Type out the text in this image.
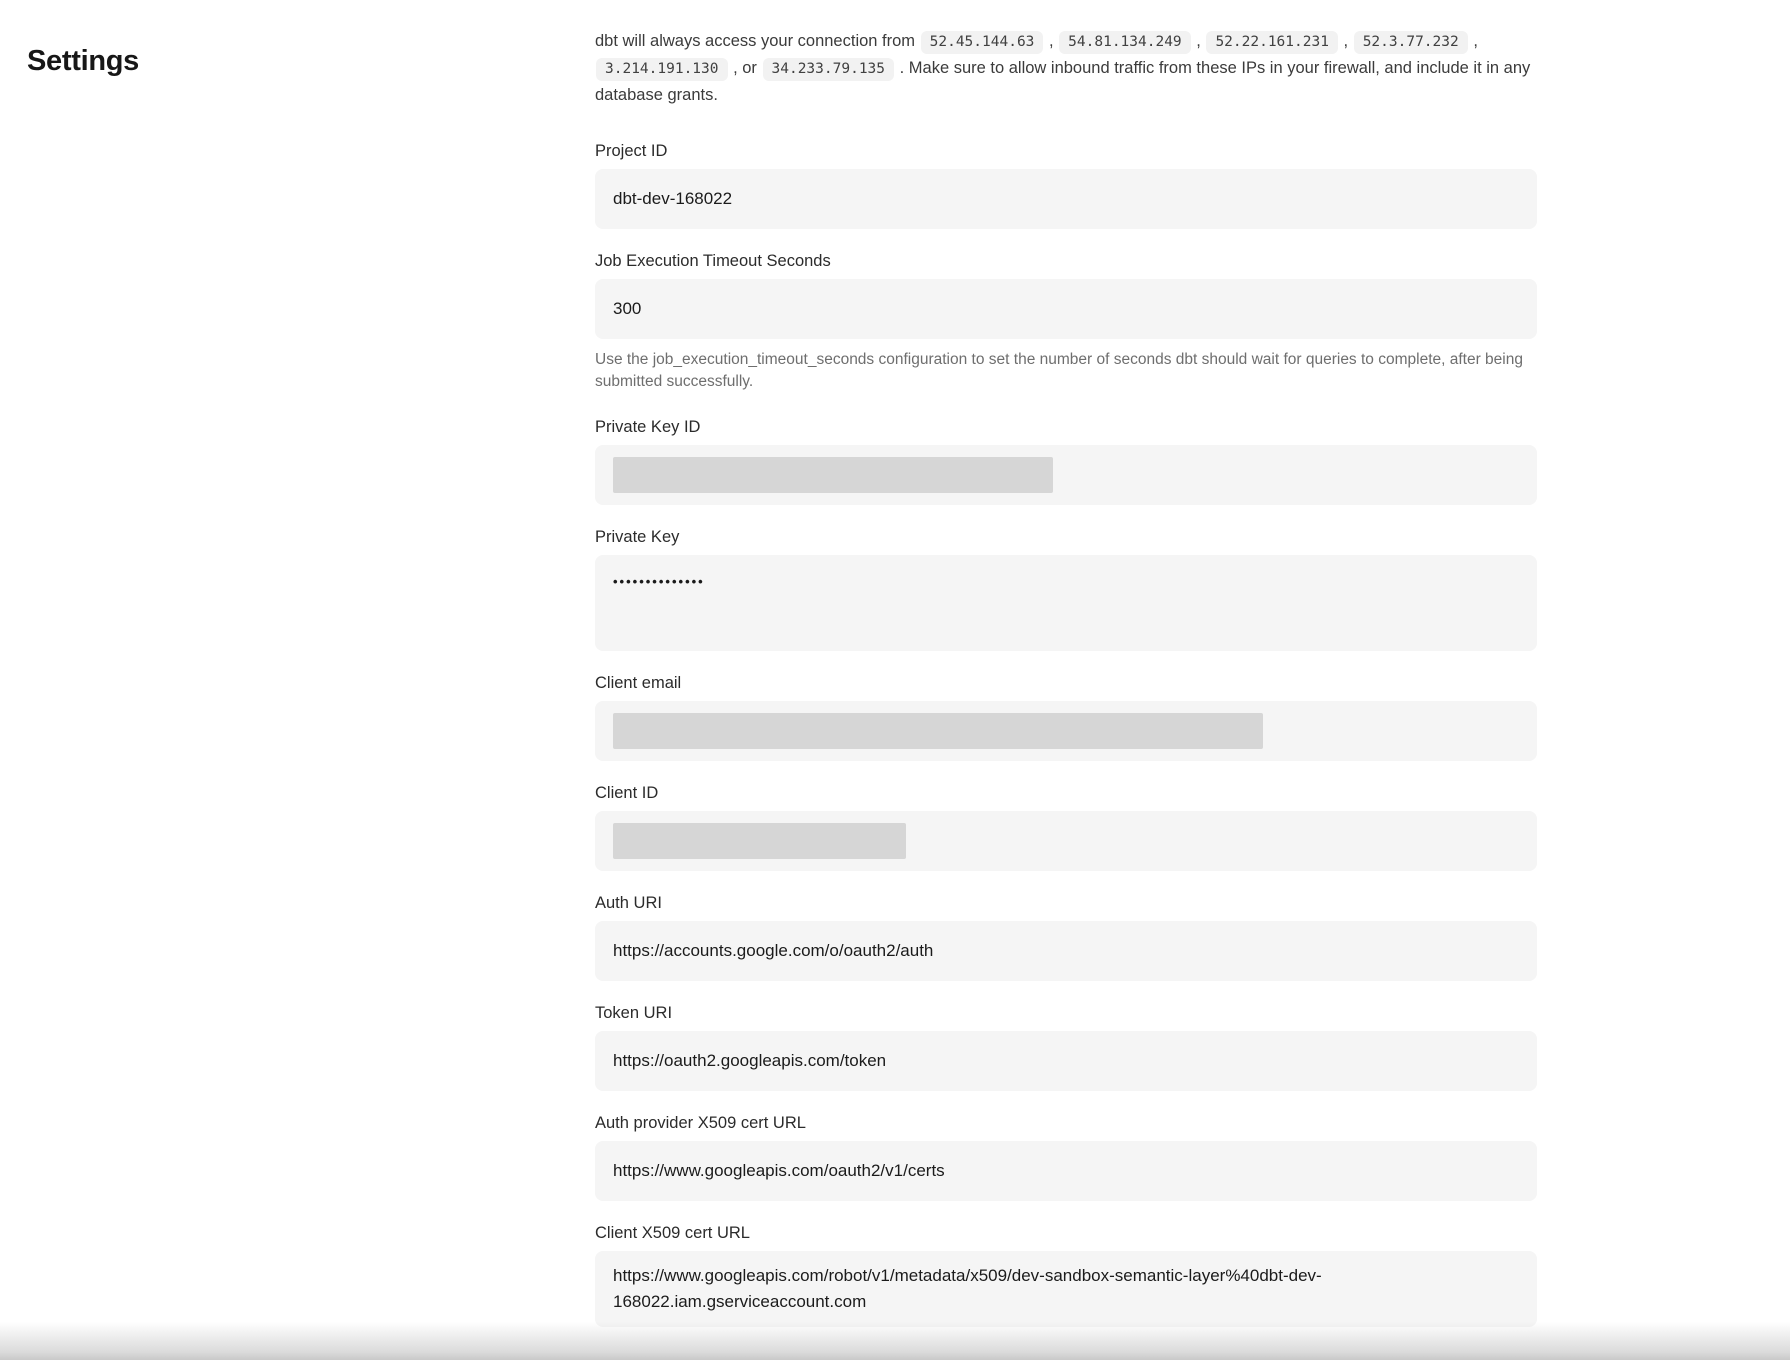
Settings

dbt will always access your connection from 52.45.144.63 , 54.81.134.249 , 52.22.161.231 , 52.3.77.232 , 3.214.191.130 , or 34.233.79.135 . Make sure to allow inbound traffic from these IPs in your firewall, and include it in any database grants.

Project ID
dbt-dev-168022
Job Execution Timeout Seconds
300
Use the job_execution_timeout_seconds configuration to set the number of seconds dbt should wait for queries to complete, after being submitted successfully.
Private Key ID
Private Key
••••••••••••••
Client email
Client ID
Auth URI
https://accounts.google.com/o/oauth2/auth
Token URI
https://oauth2.googleapis.com/token
Auth provider X509 cert URL
https://www.googleapis.com/oauth2/v1/certs
Client X509 cert URL
https://www.googleapis.com/robot/v1/metadata/x509/dev-sandbox-semantic-layer%40dbt-dev-168022.iam.gserviceaccount.com
